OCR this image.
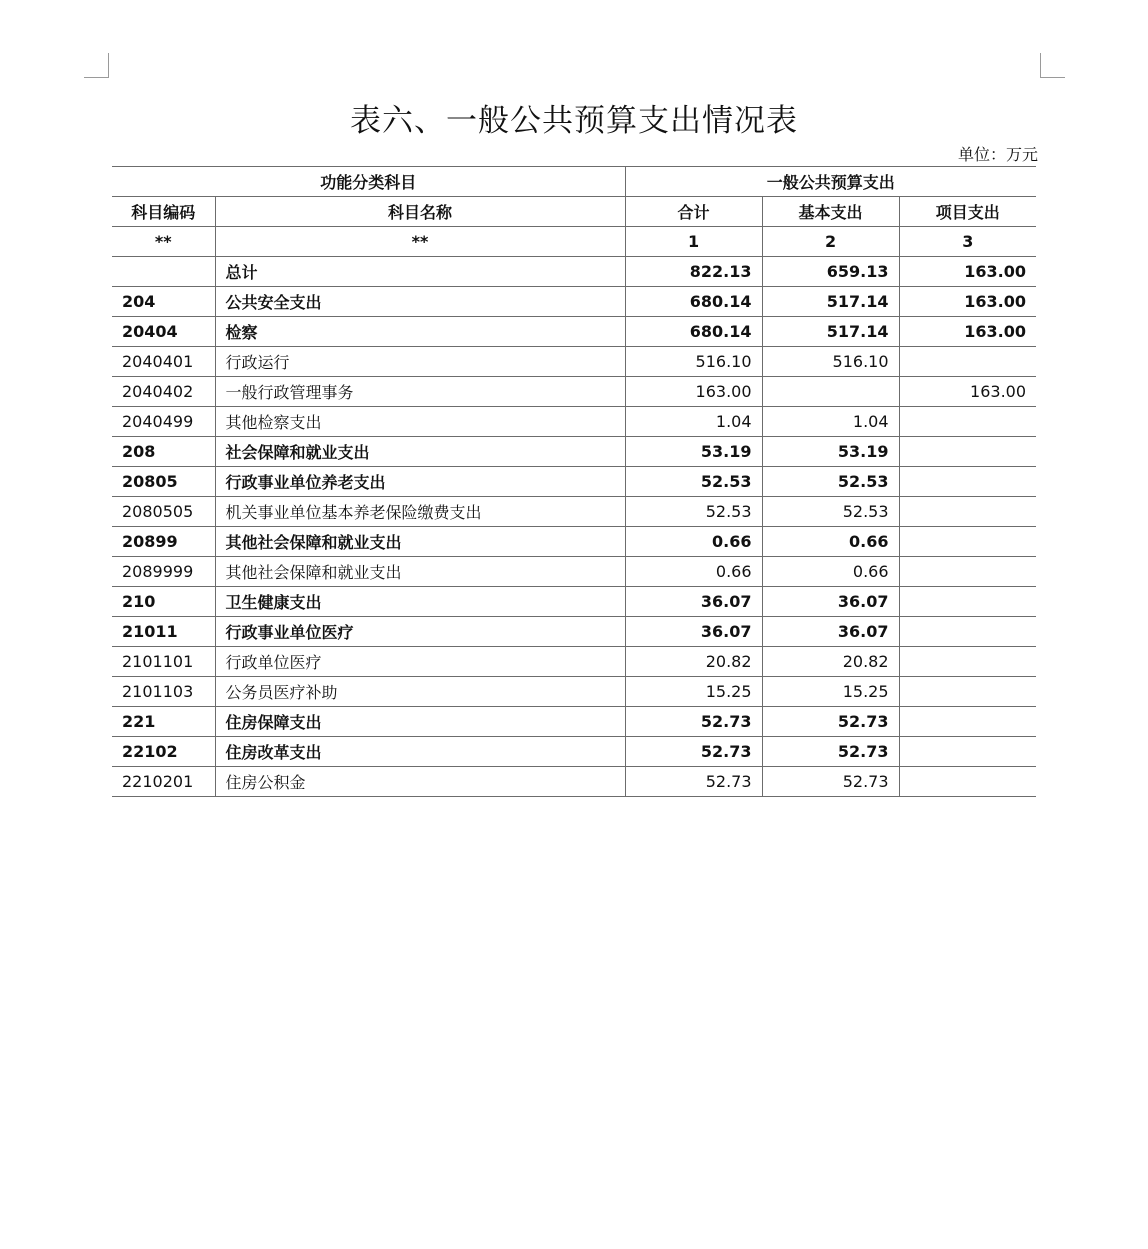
表六、一般公共预算支出情况表
单位：万元
功能分类科目		一般公共预算支出		
科目编码	科目名称	合计	基本支出	项目支出
**	**	1	2	3
	总计	822.13	659.13	163.00
204	公共安全支出	680.14	517.14	163.00
20404	检察	680.14	517.14	163.00
2040401	行政运行	516.10	516.10	
2040402	一般行政管理事务	163.00		163.00
2040499	其他检察支出	1.04	1.04	
208	社会保障和就业支出	53.19	53.19	
20805	行政事业单位养老支出	52.53	52.53	
2080505	机关事业单位基本养老保险缴费支出	52.53	52.53	
20899	其他社会保障和就业支出	0.66	0.66	
2089999	其他社会保障和就业支出	0.66	0.66	
210	卫生健康支出	36.07	36.07	
21011	行政事业单位医疗	36.07	36.07	
2101101	行政单位医疗	20.82	20.82	
2101103	公务员医疗补助	15.25	15.25	
221	住房保障支出	52.73	52.73	
22102	住房改革支出	52.73	52.73	
2210201	住房公积金	52.73	52.73	
